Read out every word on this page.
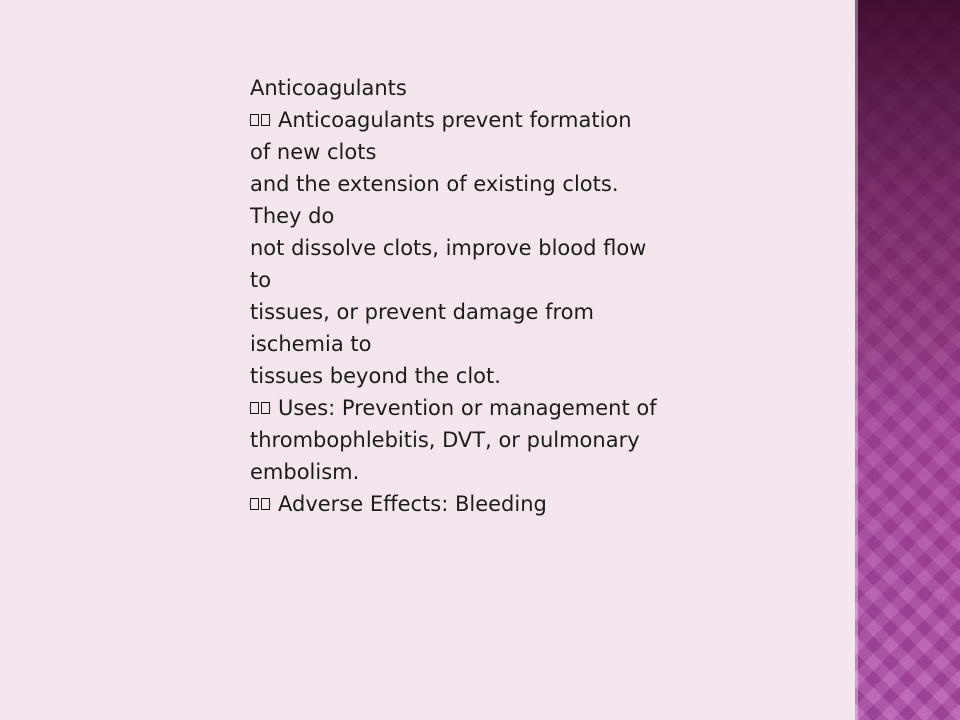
Anticoagulants
Anticoagulants prevent formation
of new clots
and the extension of existing clots.
They do
not dissolve clots, improve blood flow
to
tissues, or prevent damage from
ischemia to
tissues beyond the clot.
Uses: Prevention or management of
thrombophlebitis, DVT, or pulmonary
embolism.
Adverse Effects: Bleeding
